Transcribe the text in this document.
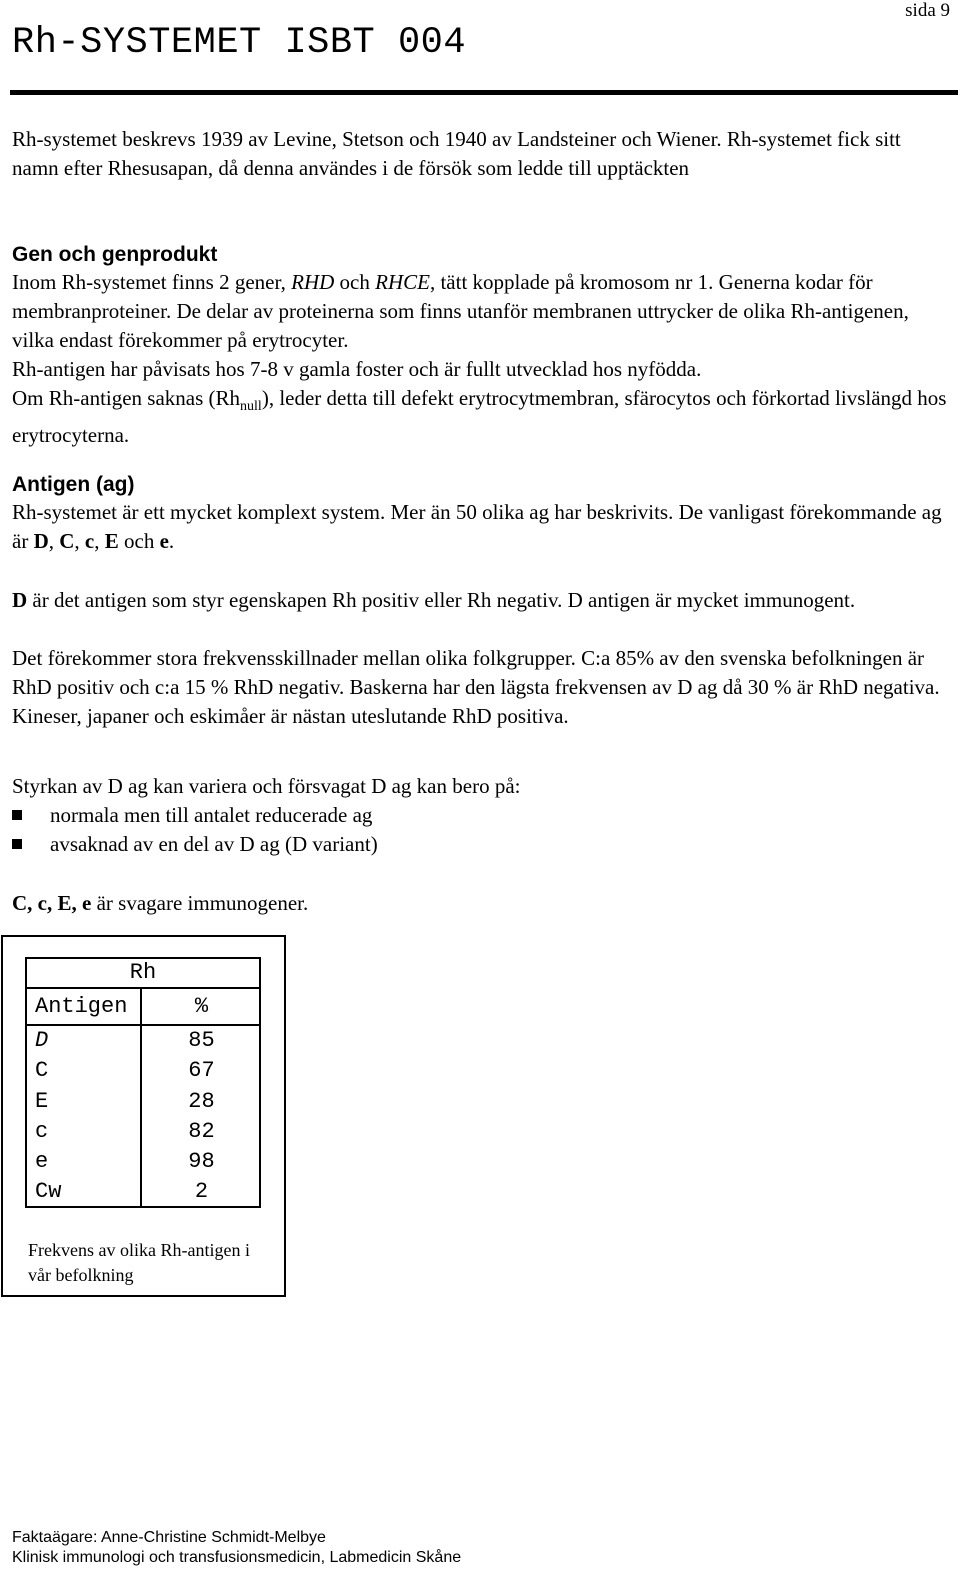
sida 9
Rh-SYSTEMET ISBT 004

Rh-systemet beskrevs 1939 av Levine, Stetson och 1940 av Landsteiner och Wiener. Rh-systemet fick sitt namn efter Rhesusapan, då denna användes i de försök som ledde till upptäckten

Gen och genprodukt

Inom Rh-systemet finns 2 gener, RHD och RHCE, tätt kopplade på kromosom nr 1. Generna kodar för membranproteiner. De delar av proteinerna som finns utanför membranen uttrycker de olika Rh-antigenen, vilka endast förekommer på erytrocyter.

Rh-antigen har påvisats hos 7-8 v gamla foster och är fullt utvecklad hos nyfödda.

Om Rh-antigen saknas $(Rh_{null})$, leder detta till defekt erytrocytmembran, sfärocytos och förkortad livslängd hos erytrocyterna.

Antigen (ag)

Rh-systemet är ett mycket komplext system. Mer än 50 olika ag har beskrivits. De vanligast förekommande ag är D, C, c, E och e.

D är det antigen som styr egenskapen Rh positiv eller Rh negativ. D antigen är mycket immunogent.

Det förekommer stora frekvensskillnader mellan olika folkgrupper. C:a 85% av den svenska befolkningen är RhD positiv och c:a 15 % RhD negativ. Baskerna har den lägsta frekvensen av D ag då 30 % är RhD negativa. Kineser, japaner och eskimåer är nästan uteslutande RhD positiva.

Styrkan av D ag kan variera och försvagat D ag kan bero på:

normala men till antalet reducerade ag
avsaknad av en del av D ag (D variant)

C, c, E, e är svagare immunogener.

Rh	
Antigen	%
D	85
C	67
E	28
c	82
e	98
Cw	2

Frekvens av olika Rh-antigen i vår befolkning

Faktaägare: Anne-Christine Schmidt-Melbye
Klinisk immunologi och transfusionsmedicin, Labmedicin Skåne
